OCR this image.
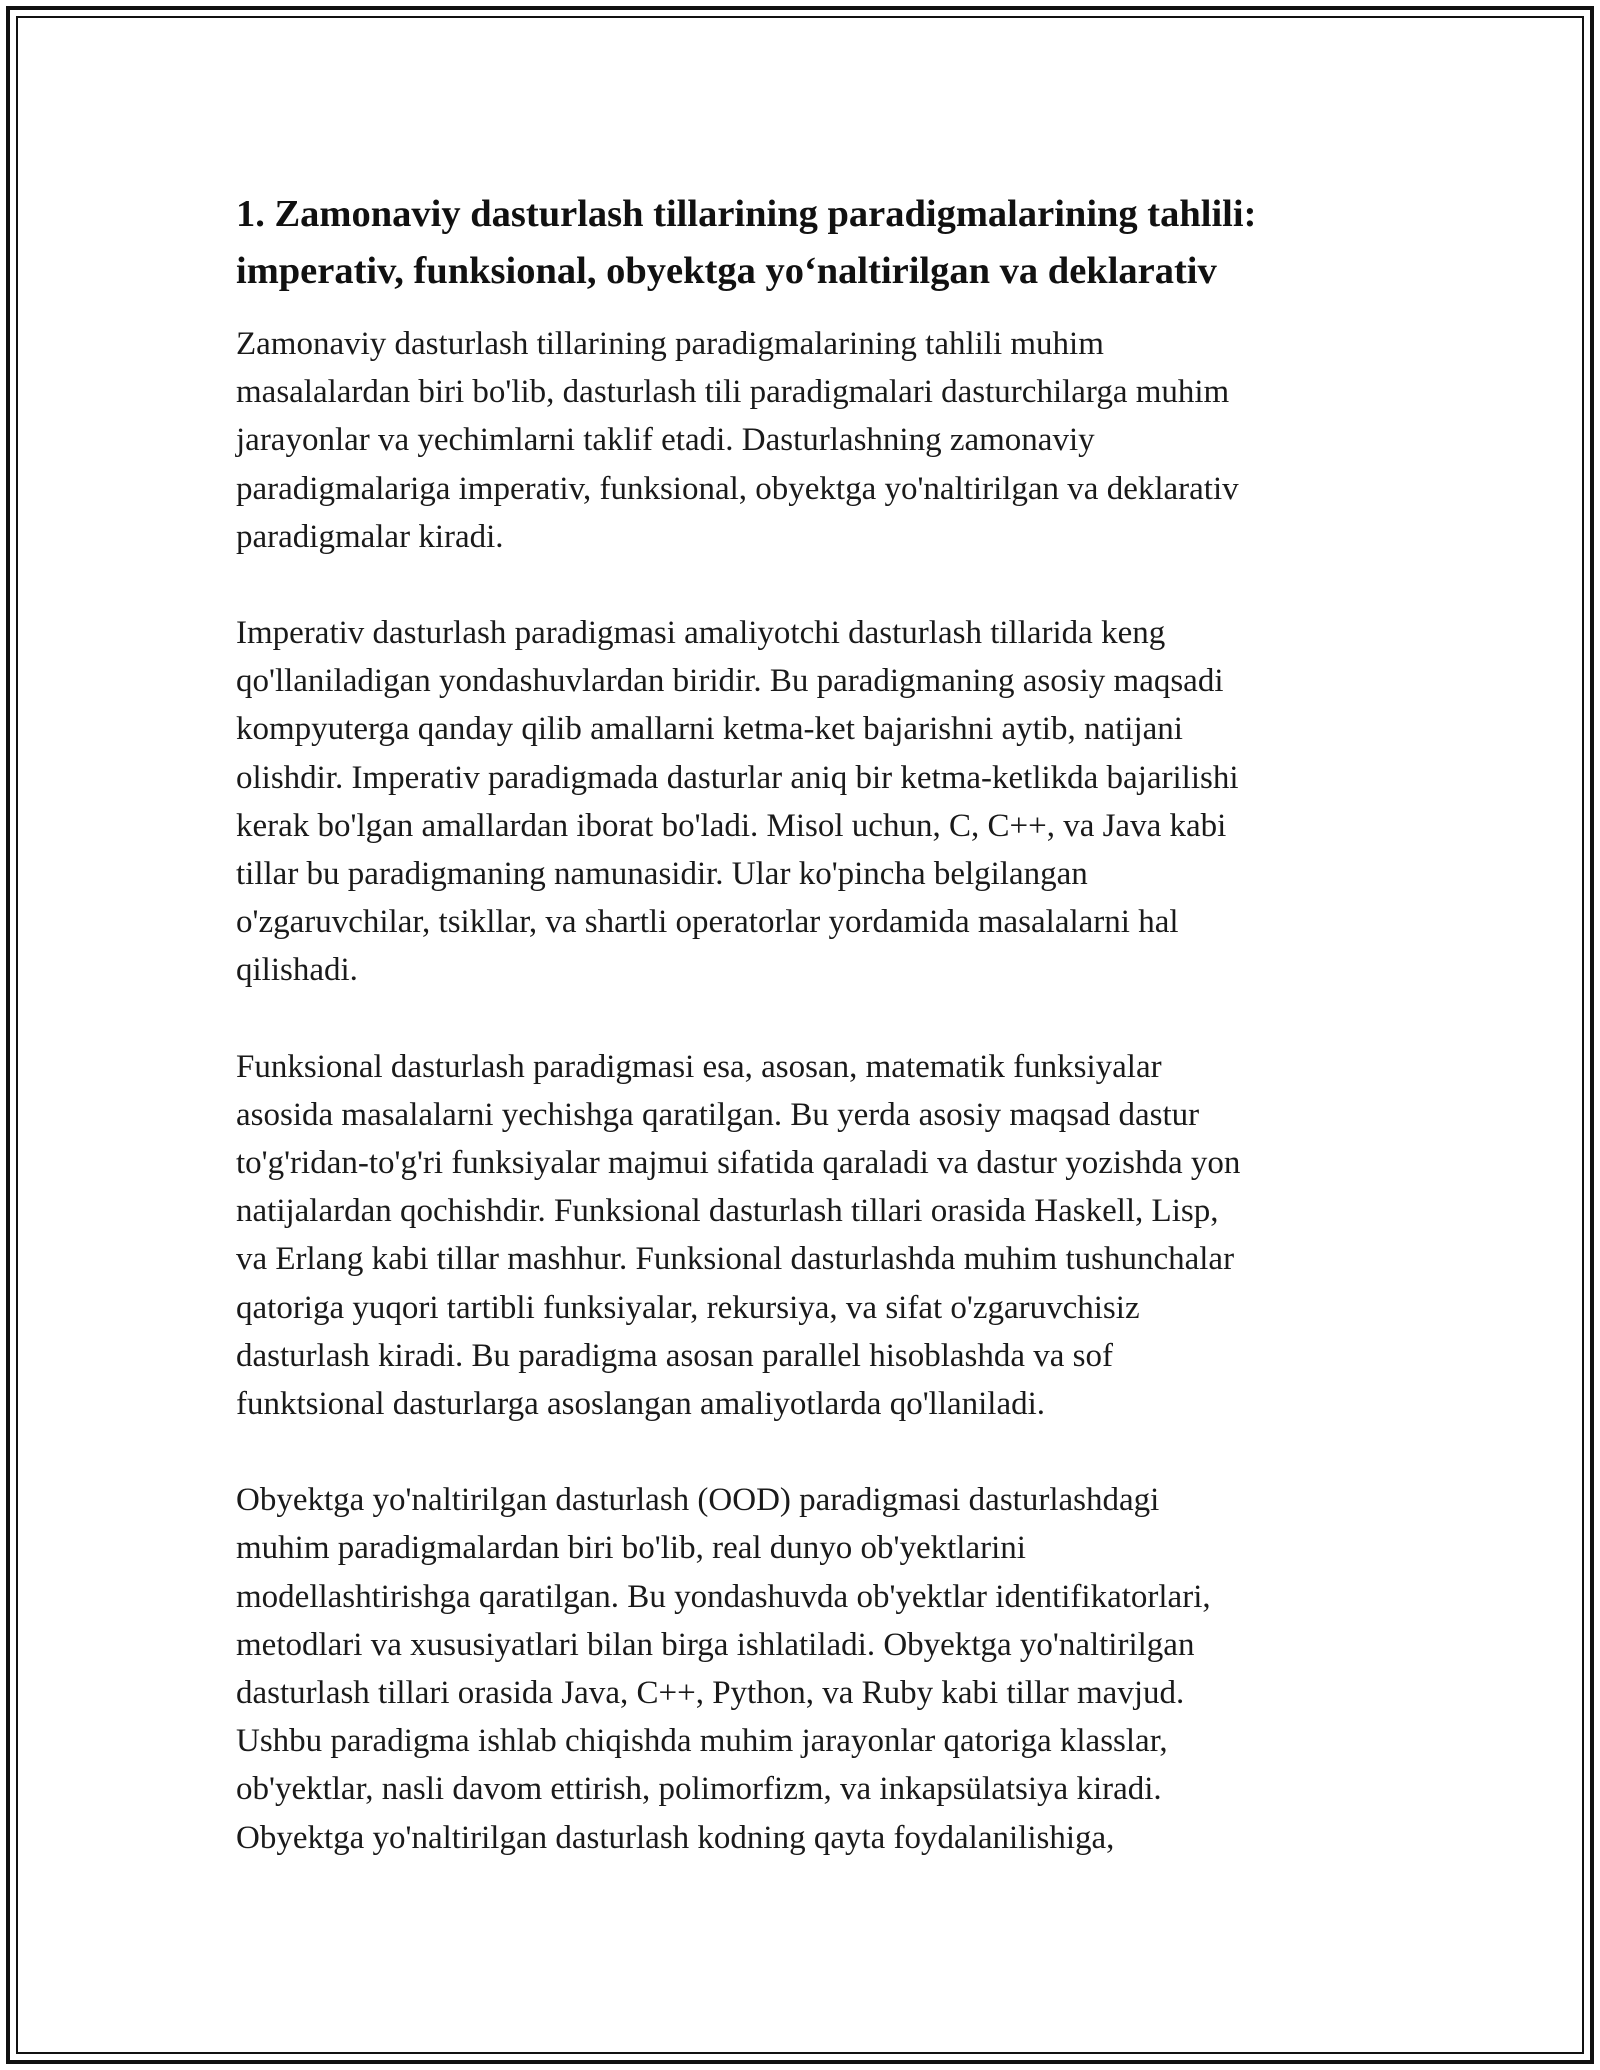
1. Zamonaviy dasturlash tillarining paradigmalarining tahlili:
imperativ, funksional, obyektga yo‘naltirilgan va deklarativ
Zamonaviy dasturlash tillarining paradigmalarining tahlili muhim
masalalardan biri bo'lib, dasturlash tili paradigmalari dasturchilarga muhim
jarayonlar va yechimlarni taklif etadi. Dasturlashning zamonaviy
paradigmalariga imperativ, funksional, obyektga yo'naltirilgan va deklarativ
paradigmalar kiradi.
Imperativ dasturlash paradigmasi amaliyotchi dasturlash tillarida keng
qo'llaniladigan yondashuvlardan biridir. Bu paradigmaning asosiy maqsadi
kompyuterga qanday qilib amallarni ketma-ket bajarishni aytib, natijani
olishdir. Imperativ paradigmada dasturlar aniq bir ketma-ketlikda bajarilishi
kerak bo'lgan amallardan iborat bo'ladi. Misol uchun, C, C++, va Java kabi
tillar bu paradigmaning namunasidir. Ular ko'pincha belgilangan
o'zgaruvchilar, tsikllar, va shartli operatorlar yordamida masalalarni hal
qilishadi.
Funksional dasturlash paradigmasi esa, asosan, matematik funksiyalar
asosida masalalarni yechishga qaratilgan. Bu yerda asosiy maqsad dastur
to'g'ridan-to'g'ri funksiyalar majmui sifatida qaraladi va dastur yozishda yon
natijalardan qochishdir. Funksional dasturlash tillari orasida Haskell, Lisp,
va Erlang kabi tillar mashhur. Funksional dasturlashda muhim tushunchalar
qatoriga yuqori tartibli funksiyalar, rekursiya, va sifat o'zgaruvchisiz
dasturlash kiradi. Bu paradigma asosan parallel hisoblashda va sof
funktsional dasturlarga asoslangan amaliyotlarda qo'llaniladi.
Obyektga yo'naltirilgan dasturlash (OOD) paradigmasi dasturlashdagi
muhim paradigmalardan biri bo'lib, real dunyo ob'yektlarini
modellashtirishga qaratilgan. Bu yondashuvda ob'yektlar identifikatorlari,
metodlari va xususiyatlari bilan birga ishlatiladi. Obyektga yo'naltirilgan
dasturlash tillari orasida Java, C++, Python, va Ruby kabi tillar mavjud.
Ushbu paradigma ishlab chiqishda muhim jarayonlar qatoriga klasslar,
ob'yektlar, nasli davom ettirish, polimorfizm, va inkapsülatsiya kiradi.
Obyektga yo'naltirilgan dasturlash kodning qayta foydalanilishiga,
